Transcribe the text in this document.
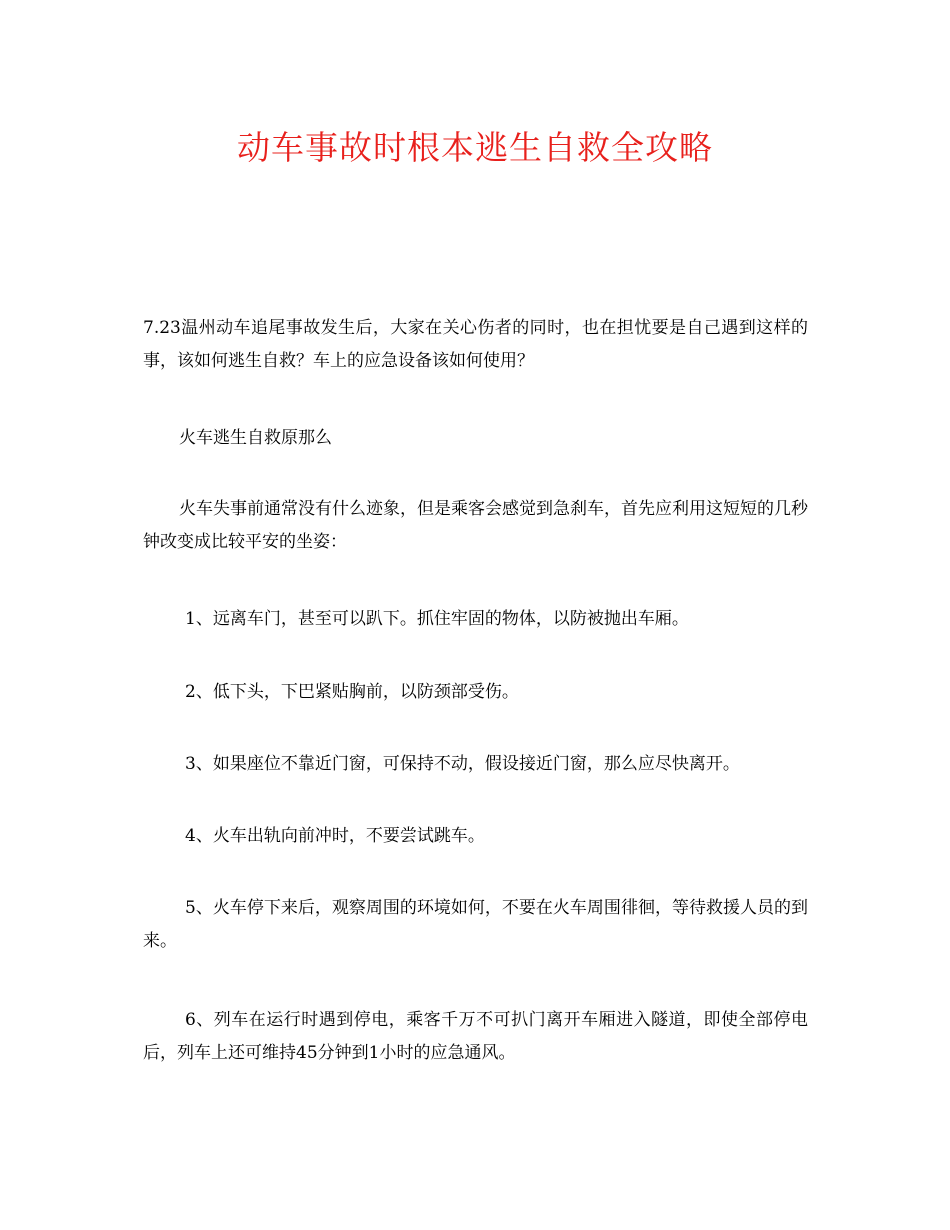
动车事故时根本逃生自救全攻略

7.23温州动车追尾事故发生后，大家在关心伤者的同时，也在担忧要是自己遇到这样的事，该如何逃生自救？车上的应急设备该如何使用？

火车逃生自救原那么

火车失事前通常没有什么迹象，但是乘客会感觉到急刹车，首先应利用这短短的几秒钟改变成比较平安的坐姿：

1、远离车门，甚至可以趴下。抓住牢固的物体，以防被抛出车厢。

2、低下头，下巴紧贴胸前，以防颈部受伤。

3、如果座位不靠近门窗，可保持不动，假设接近门窗，那么应尽快离开。

4、火车出轨向前冲时，不要尝试跳车。

5、火车停下来后，观察周围的环境如何，不要在火车周围徘徊，等待救援人员的到来。

6、列车在运行时遇到停电，乘客千万不可扒门离开车厢进入隧道，即使全部停电后，列车上还可维持45分钟到1小时的应急通风。
